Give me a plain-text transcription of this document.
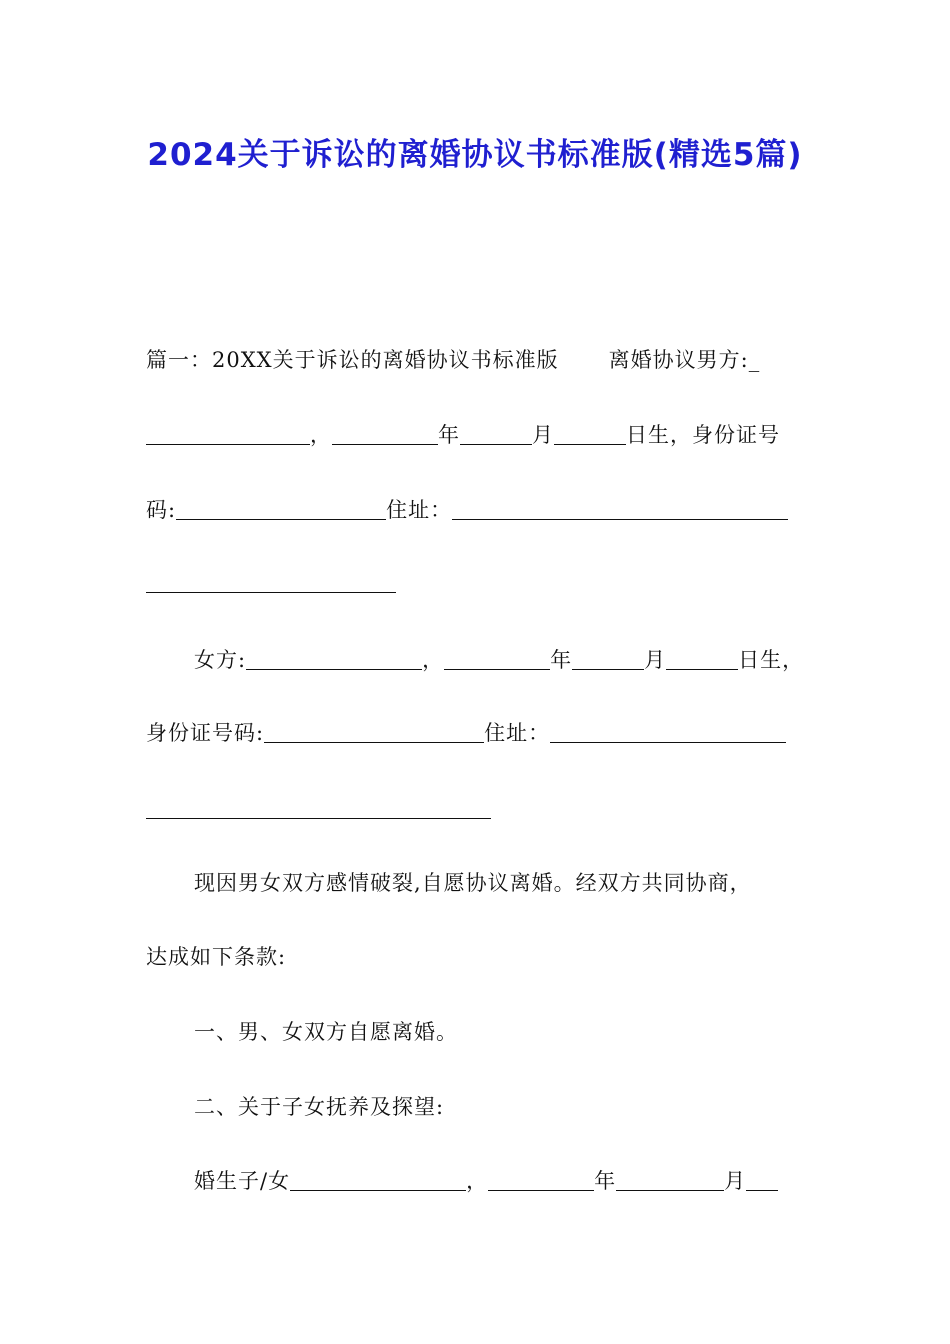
2024关于诉讼的离婚协议书标准版(精选5篇)
篇一：20XX关于诉讼的离婚协议书标准版 离婚协议男方:_
，	年	月	日生，身份证号
码:	住址：
女方:	，	年	月	日生，
身份证号码:	住址：
现因男女双方感情破裂,自愿协议离婚。经双方共同协商，
达成如下条款:
一、男、女双方自愿离婚。
二、关于子女抚养及探望:
婚生子/女	，	年	月
